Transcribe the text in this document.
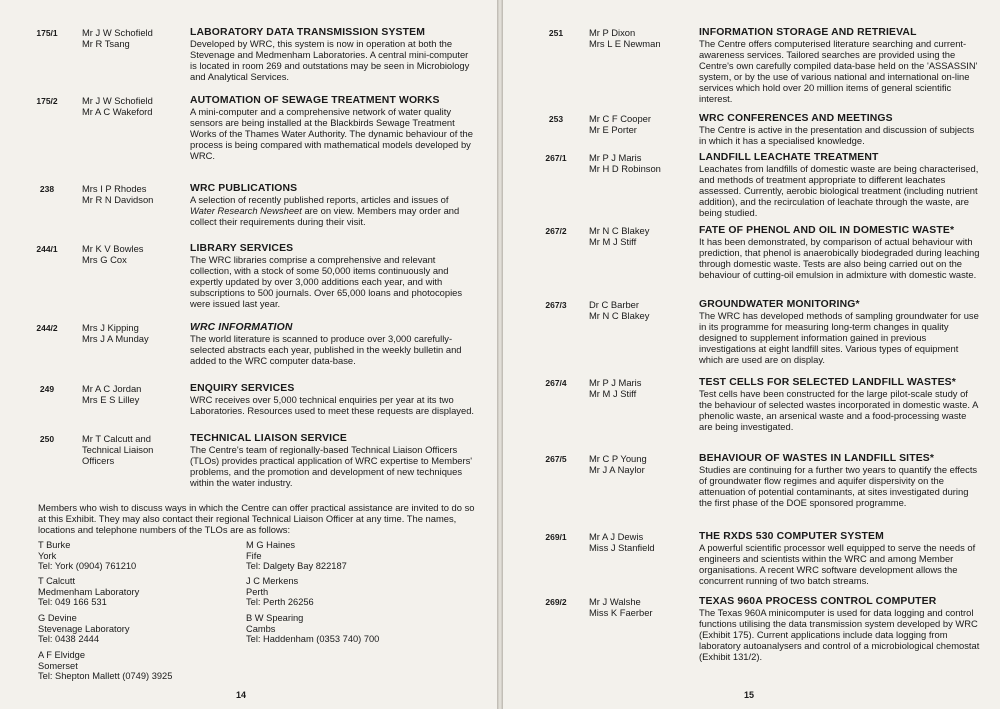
175/1	Mr J W Schofield
Mr R Tsang
LABORATORY DATA TRANSMISSION SYSTEM
Developed by WRC, this system is now in operation at both the Stevenage and Medmenham Laboratories. A central mini-computer is located in room 269 and outstations may be seen in Microbiology and Analytical Services.
175/2	Mr J W Schofield
Mr A C Wakeford
AUTOMATION OF SEWAGE TREATMENT WORKS
A mini-computer and a comprehensive network of water quality sensors are being installed at the Blackbirds Sewage Treatment Works of the Thames Water Authority. The dynamic behaviour of the process is being compared with mathematical models developed by WRC.
238	Mrs I P Rhodes
Mr R N Davidson
WRC PUBLICATIONS
A selection of recently published reports, articles and issues of Water Research Newsheet are on view. Members may order and collect their requirements during their visit.
244/1	Mr K V Bowles
Mrs G Cox
LIBRARY SERVICES
The WRC libraries comprise a comprehensive and relevant collection, with a stock of some 50,000 items continuously and expertly updated by over 3,000 additions each year, and with subscriptions to 500 journals. Over 65,000 loans and photocopies were issued last year.
244/2	Mrs J Kipping
Mrs J A Munday
WRC INFORMATION
The world literature is scanned to produce over 3,000 carefully-selected abstracts each year, published in the weekly bulletin and added to the WRC computer data-base.
249	Mr A C Jordan
Mrs E S Lilley
ENQUIRY SERVICES
WRC receives over 5,000 technical enquiries per year at its two Laboratories. Resources used to meet these requests are displayed.
250	Mr T Calcutt and
Technical Liaison
Officers
TECHNICAL LIAISON SERVICE
The Centre's team of regionally-based Technical Liaison Officers (TLOs) provides practical application of WRC expertise to Members' problems, and the promotion and development of new techniques within the water industry.
Members who wish to discuss ways in which the Centre can offer practical assistance are invited to do so at this Exhibit. They may also contact their regional Technical Liaison Officer at any time. The names, locations and telephone numbers of the TLOs are as follows:
T Burke
York
Tel: York (0904) 761210
M G Haines
Fife
Tel: Dalgety Bay 822187
T Calcutt
Medmenham Laboratory
Tel: 049 166 531
J C Merkens
Perth
Tel: Perth 26256
G Devine
Stevenage Laboratory
Tel: 0438 2444
B W Spearing
Cambs
Tel: Haddenham (0353 740) 700
A F Elvidge
Somerset
Tel: Shepton Mallett (0749) 3925
14
251	Mr P Dixon
Mrs L E Newman
INFORMATION STORAGE AND RETRIEVAL
The Centre offers computerised literature searching and current-awareness services. Tailored searches are provided using the Centre's own carefully compiled data-base held on the 'ASSASSIN' system, or by the use of various national and international on-line services which hold over 20 million items of general scientific interest.
253	Mr C F Cooper
Mr E Porter
WRC CONFERENCES AND MEETINGS
The Centre is active in the presentation and discussion of subjects in which it has a specialised knowledge.
267/1	Mr P J Maris
Mr H D Robinson
LANDFILL LEACHATE TREATMENT
Leachates from landfills of domestic waste are being characterised, and methods of treatment appropriate to different leachates assessed. Currently, aerobic biological treatment (including nutrient addition), and the recirculation of leachate through the waste, are being studied.
267/2	Mr N C Blakey
Mr M J Stiff
FATE OF PHENOL AND OIL IN DOMESTIC WASTE*
It has been demonstrated, by comparison of actual behaviour with prediction, that phenol is anaerobically biodegraded during leaching through domestic waste. Tests are also being carried out on the behaviour of cutting-oil emulsion in admixture with domestic waste.
267/3	Dr C Barber
Mr N C Blakey
GROUNDWATER MONITORING*
The WRC has developed methods of sampling groundwater for use in its programme for measuring long-term changes in quality designed to supplement information gained in previous investigations at eight landfill sites. Various types of equipment which are used are on display.
267/4	Mr P J Maris
Mr M J Stiff
TEST CELLS FOR SELECTED LANDFILL WASTES*
Test cells have been constructed for the large pilot-scale study of the behaviour of selected wastes incorporated in domestic waste. A phenolic waste, an arsenical waste and a food-processing waste are being investigated.
267/5	Mr C P Young
Mr J A Naylor
BEHAVIOUR OF WASTES IN LANDFILL SITES*
Studies are continuing for a further two years to quantify the effects of groundwater flow regimes and aquifer dispersivity on the attenuation of potential contaminants, at sites investigated during the first phase of the DOE sponsored programme.
269/1	Mr A J Dewis
Miss J Stanfield
THE RXDS 530 COMPUTER SYSTEM
A powerful scientific processor well equipped to serve the needs of engineers and scientists within the WRC and among Member organisations. A recent WRC software development allows the concurrent running of two batch streams.
269/2	Mr J Walshe
Miss K Faerber
TEXAS 960A PROCESS CONTROL COMPUTER
The Texas 960A minicomputer is used for data logging and control functions utilising the data transmission system developed by WRC (Exhibit 175). Current applications include data logging from laboratory autoanalysers and control of a microbiological chemostat (Exhibit 131/2).
15
